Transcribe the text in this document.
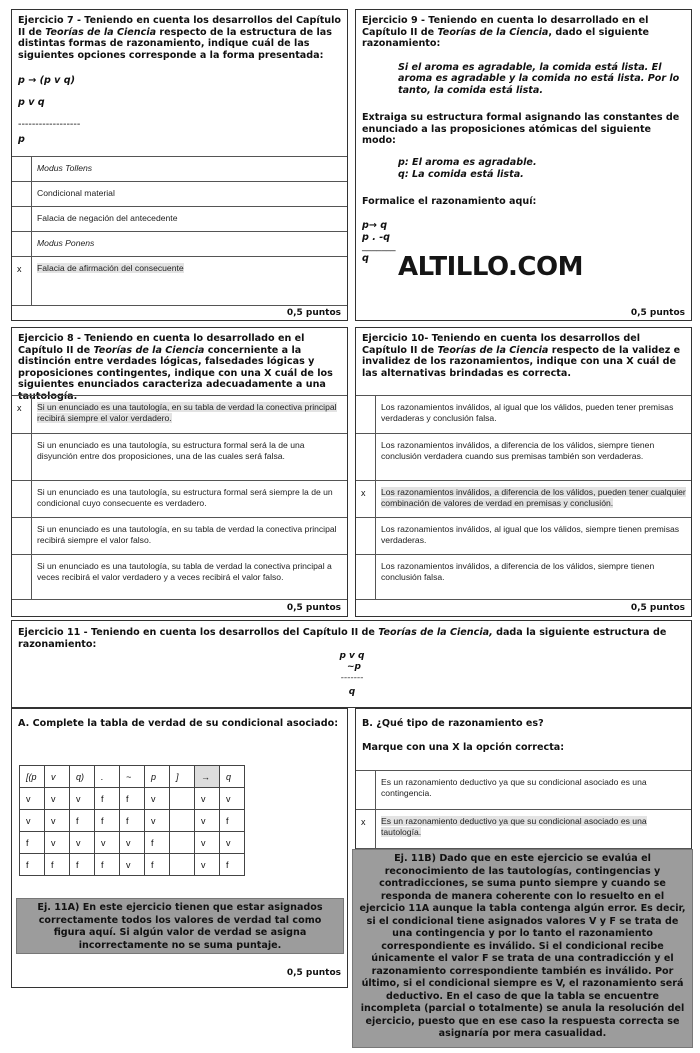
Ejercicio 7 - Teniendo en cuenta los desarrollos del Capítulo II de Teorías de la Ciencia respecto de la estructura de las distintas formas de razonamiento, indique cuál de las siguientes opciones corresponde a la forma presentada:
p → (p v q)
p v q
------------------
p
Modus Tollens
Condicional material
Falacia de negación del antecedente
Modus Ponens
x	Falacia de afirmación del consecuente
0,5 puntos
Ejercicio 9 - Teniendo en cuenta lo desarrollado en el Capítulo II de Teorías de la Ciencia, dado el siguiente razonamiento:
Si el aroma es agradable, la comida está lista. El aroma es agradable y la comida no está lista. Por lo tanto, la comida está lista.
Extraiga su estructura formal asignando las constantes de enunciado a las proposiciones atómicas del siguiente modo:
p: El aroma es agradable.
q: La comida está lista.
Formalice el razonamiento aquí:
p→ q
p . -q
_______
q	ALTILLO.COM
0,5 puntos
Ejercicio 8 - Teniendo en cuenta lo desarrollado en el Capítulo II de Teorías de la Ciencia concerniente a la distinción entre verdades lógicas, falsedades lógicas y proposiciones contingentes, indique con una X cuál de los siguientes enunciados caracteriza adecuadamente a una tautología.
x	Si un enunciado es una tautología, en su tabla de verdad la conectiva principal recibirá siempre el valor verdadero.
Si un enunciado es una tautología, su estructura formal será la de una disyunción entre dos proposiciones, una de las cuales será falsa.
Si un enunciado es una tautología, su estructura formal será siempre la de un condicional cuyo consecuente es verdadero.
Si un enunciado es una tautología, en su tabla de verdad la conectiva principal recibirá siempre el valor falso.
Si un enunciado es una tautología, su tabla de verdad la conectiva principal a veces recibirá el valor verdadero y a veces recibirá el valor falso.
0,5 puntos
Ejercicio 10- Teniendo en cuenta los desarrollos del Capítulo II de Teorías de la Ciencia respecto de la validez e invalidez de los razonamientos, indique con una X cuál de las alternativas brindadas es correcta.
Los razonamientos inválidos, al igual que los válidos, pueden tener premisas verdaderas y conclusión falsa.
Los razonamientos inválidos, a diferencia de los válidos, siempre tienen conclusión verdadera cuando sus premisas también son verdaderas.
x	Los razonamientos inválidos, a diferencia de los válidos, pueden tener cualquier combinación de valores de verdad en premisas y conclusión.
Los razonamientos inválidos, al igual que los válidos, siempre tienen premisas verdaderas.
Los razonamientos inválidos, a diferencia de los válidos, siempre tienen conclusión falsa.
0,5 puntos
Ejercicio 11 - Teniendo en cuenta los desarrollos del Capítulo II de Teorías de la Ciencia, dada la siguiente estructura de razonamiento:
p v q
~p
-------
q
A. Complete la tabla de verdad de su condicional asociado:
[(p	v	q)	.	~	p	]	→	q
v	v	v	f	f	v		v	v
v	v	f	f	f	v		v	f
f	v	v	v	v	f		v	v
f	f	f	f	v	f		v	f
Ej. 11A) En este ejercicio tienen que estar asignados correctamente todos los valores de verdad tal como figura aquí. Si algún valor de verdad se asigna incorrectamente no se suma puntaje.
0,5 puntos
B. ¿Qué tipo de razonamiento es?
Marque con una X la opción correcta:
Es un razonamiento deductivo ya que su condicional asociado es una contingencia.
x	Es un razonamiento deductivo ya que su condicional asociado es una tautología.
Ej. 11B) Dado que en este ejercicio se evalúa el reconocimiento de las tautologías, contingencias y contradicciones, se suma punto siempre y cuando se responda de manera coherente con lo resuelto en el ejercicio 11A aunque la tabla contenga algún error. Es decir, si el condicional tiene asignados valores V y F se trata de una contingencia y por lo tanto el razonamiento correspondiente es inválido. Si el condicional recibe únicamente el valor F se trata de una contradicción y el razonamiento correspondiente también es inválido. Por último, si el condicional siempre es V, el razonamiento será deductivo. En el caso de que la tabla se encuentre incompleta (parcial o totalmente) se anula la resolución del ejercicio, puesto que en ese caso la respuesta correcta se asignaría por mera casualidad.
